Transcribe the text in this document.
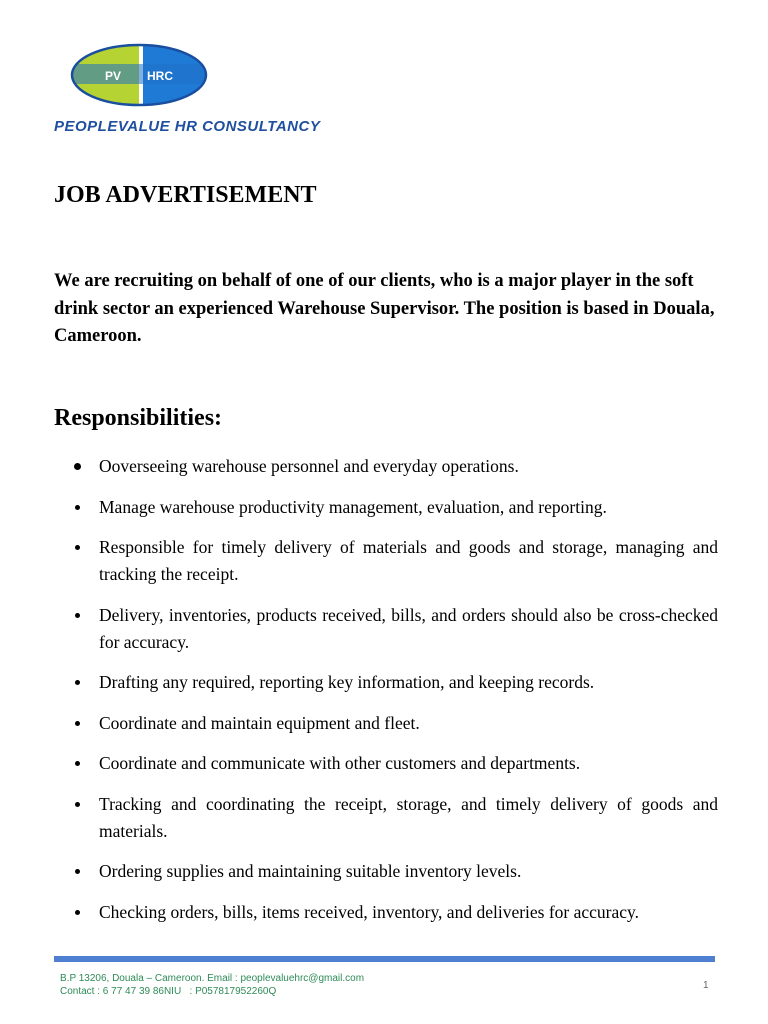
PV HRC
PEOPLEVALUE HR CONSULTANCY
JOB ADVERTISEMENT
We are recruiting on behalf of one of our clients, who is a major player in the soft drink sector an experienced Warehouse Supervisor. The position is based in Douala, Cameroon.
Responsibilities:
Ooverseeing warehouse personnel and everyday operations.
Manage warehouse productivity management, evaluation, and reporting.
Responsible for timely delivery of materials and goods and storage, managing and tracking the receipt.
Delivery, inventories, products received, bills, and orders should also be cross-checked for accuracy.
Drafting any required, reporting key information, and keeping records.
Coordinate and maintain equipment and fleet.
Coordinate and communicate with other customers and departments.
Tracking and coordinating the receipt, storage, and timely delivery of goods and materials.
Ordering supplies and maintaining suitable inventory levels.
Checking orders, bills, items received, inventory, and deliveries for accuracy.
B.P 13206, Douala – Cameroon. Email : peoplevaluehrc@gmail.com
Contact : 6 77 47 39 86NIU   : P057817952260Q
1
